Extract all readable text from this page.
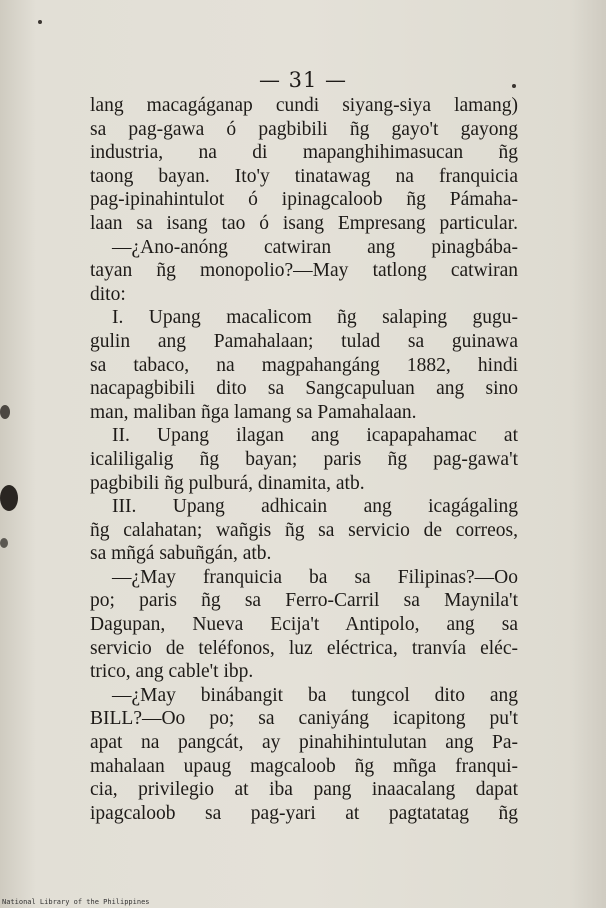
— 31 —
lang macagáganap cundi siyang-siya lamang)
sa pag-gawa ó pagbibili ñg gayo't gayong
industria, na di mapanghihimasucan ñg
taong bayan. Ito'y tinatawag na franquicia
pag-ipinahintulot ó ipinagcaloob ñg Pámaha-
laan sa isang tao ó isang Empresang particular.
—¿Ano-anóng catwiran ang pinagbába-
tayan ñg monopolio?—May tatlong catwiran
dito:
I. Upang macalicom ñg salaping gugu-
gulin ang Pamahalaan; tulad sa guinawa
sa tabaco, na magpahangáng 1882, hindi
nacapagbibili dito sa Sangcapuluan ang sino
man, maliban ñga lamang sa Pamahalaan.
II. Upang ilagan ang icapapahamac at
icaliligalig ñg bayan; paris ñg pag-gawa't
pagbibili ñg pulburá, dinamita, atb.
III. Upang adhicain ang icagágaling
ñg calahatan; wañgis ñg sa servicio de correos,
sa mñgá sabuñgán, atb.
—¿May franquicia ba sa Filipinas?—Oo
po; paris ñg sa Ferro-Carril sa Maynila't
Dagupan, Nueva Ecija't Antipolo, ang sa
servicio de teléfonos, luz eléctrica, tranvía eléc-
trico, ang cable't ibp.
—¿May binábangit ba tungcol dito ang
BILL?—Oo po; sa caniyáng icapitong pu't
apat na pangcát, ay pinahihintulutan ang Pa-
mahalaan upaug magcaloob ñg mñga franqui-
cia, privilegio at iba pang inaacalang dapat
ipagcaloob sa pag-yari at pagtatatag ñg
National Library of the Philippines
